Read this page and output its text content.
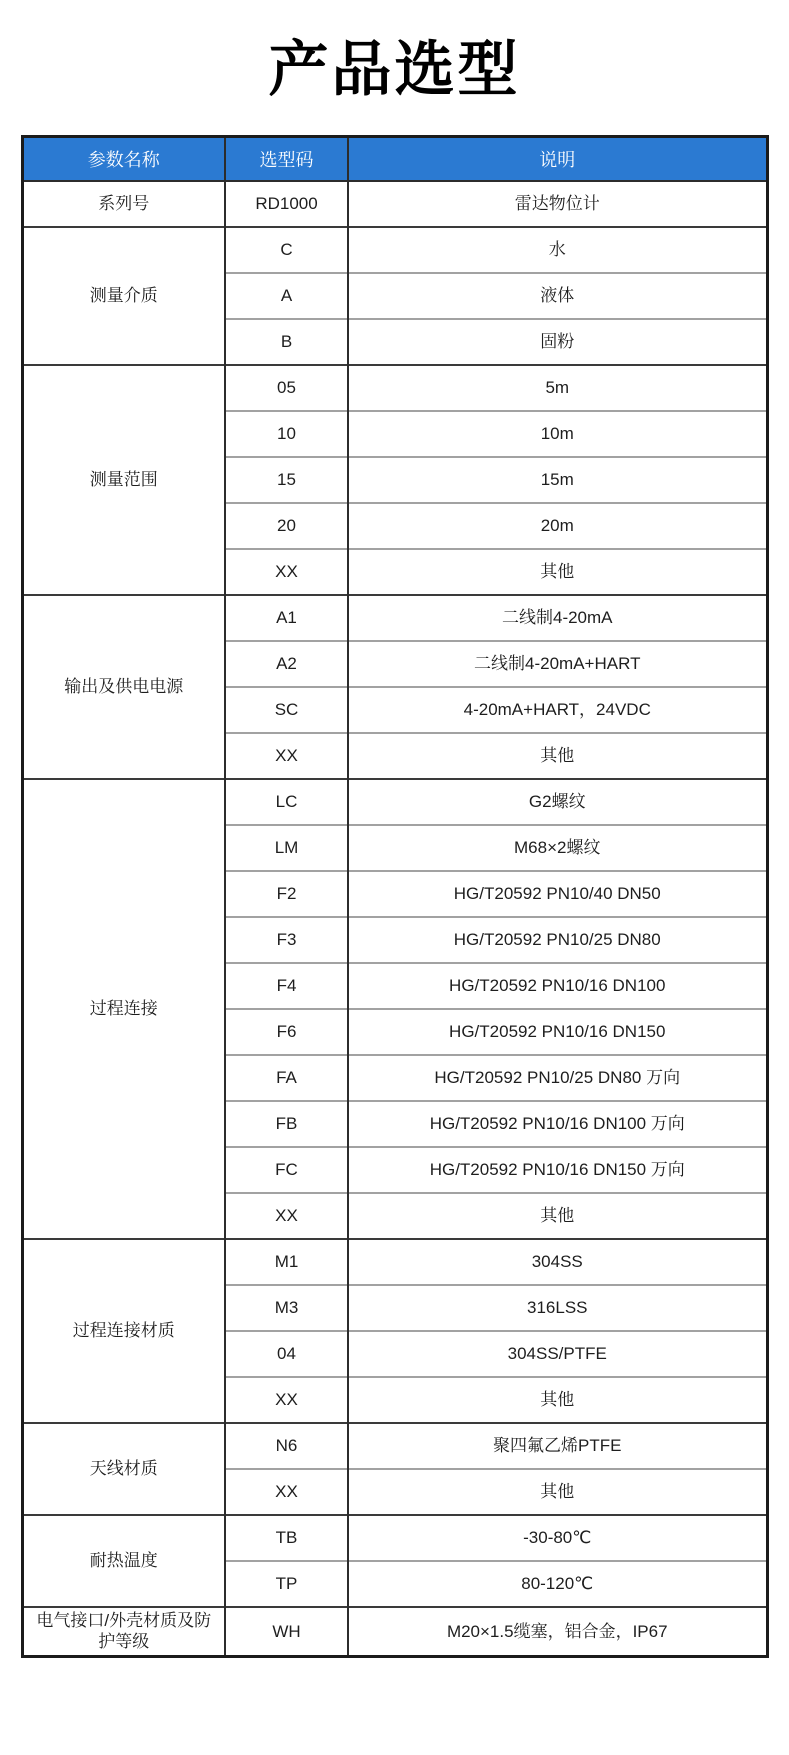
产品选型
参数名称	选型码	说明
系列号	RD1000	雷达物位计
测量介质	C	水
	A	液体
	B	固粉
测量范围	05	5m
	10	10m
	15	15m
	20	20m
	XX	其他
输出及供电电源	A1	二线制4-20mA
	A2	二线制4-20mA+HART
	SC	4-20mA+HART，24VDC
	XX	其他
过程连接	LC	G2螺纹
	LM	M68×2螺纹
	F2	HG/T20592 PN10/40 DN50
	F3	HG/T20592 PN10/25 DN80
	F4	HG/T20592 PN10/16 DN100
	F6	HG/T20592 PN10/16 DN150
	FA	HG/T20592 PN10/25 DN80 万向
	FB	HG/T20592 PN10/16 DN100 万向
	FC	HG/T20592 PN10/16 DN150 万向
	XX	其他
过程连接材质	M1	304SS
	M3	316LSS
	04	304SS/PTFE
	XX	其他
天线材质	N6	聚四氟乙烯PTFE
	XX	其他
耐热温度	TB	-30-80℃
	TP	80-120℃
电气接口/外壳材质及防护等级	WH	M20×1.5缆塞，铝合金，IP67
